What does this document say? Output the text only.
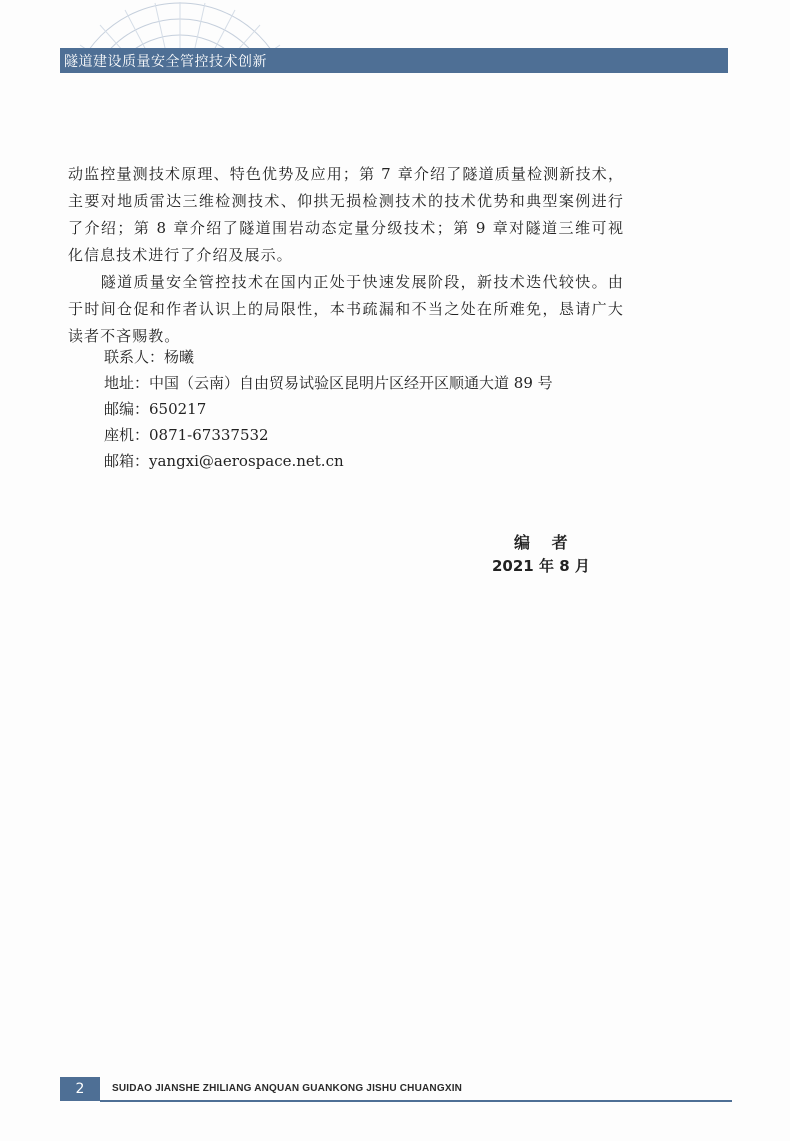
隧道建设质量安全管控技术创新

动监控量测技术原理、特色优势及应用；第 7 章介绍了隧道质量检测新技术，主要对地质雷达三维检测技术、仰拱无损检测技术的技术优势和典型案例进行了介绍；第 8 章介绍了隧道围岩动态定量分级技术；第 9 章对隧道三维可视化信息技术进行了介绍及展示。

　　隧道质量安全管控技术在国内正处于快速发展阶段，新技术迭代较快。由于时间仓促和作者认识上的局限性，本书疏漏和不当之处在所难免，恳请广大读者不吝赐教。

联系人：杨曦
地址：中国（云南）自由贸易试验区昆明片区经开区顺通大道 89 号
邮编：650217
座机：0871-67337532
邮箱：yangxi@aerospace.net.cn
编 者
2021 年 8 月
2	SUIDAO JIANSHE ZHILIANG ANQUAN GUANKONG JISHU CHUANGXIN
